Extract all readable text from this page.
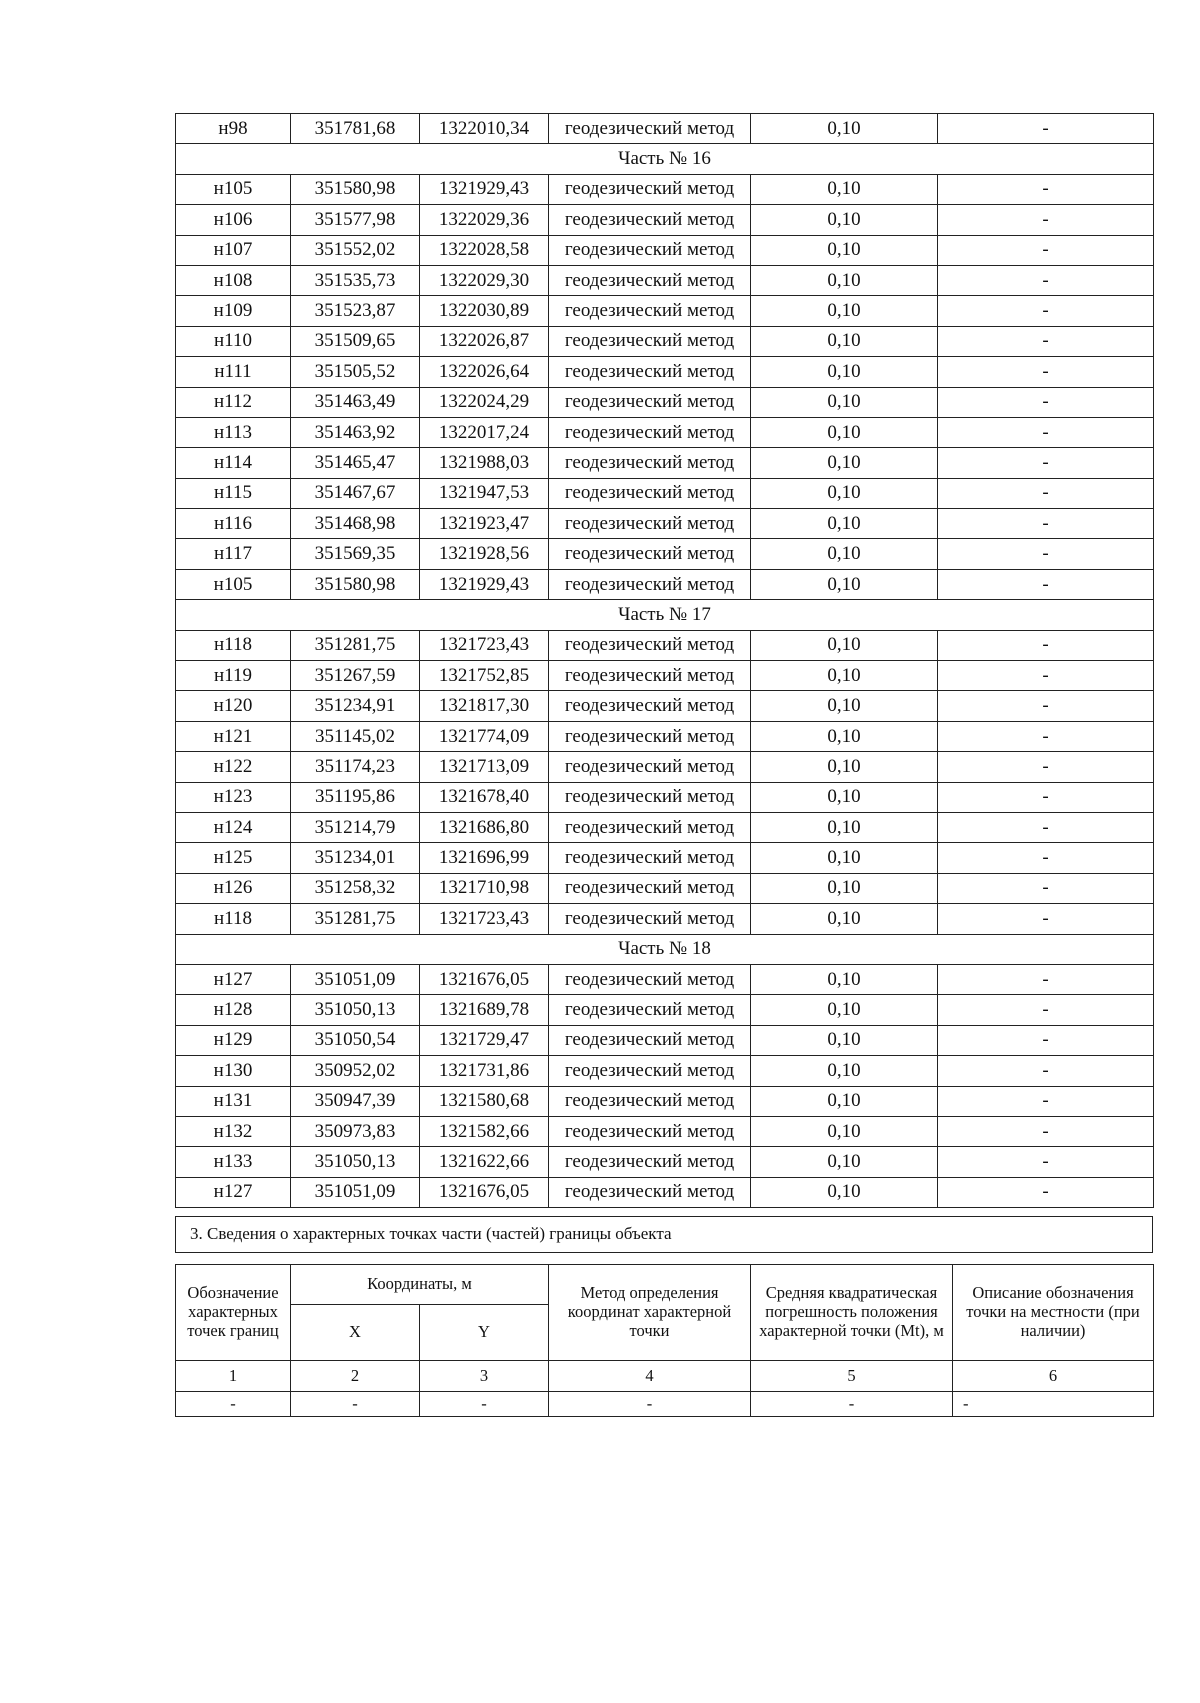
н98	351781,68	1322010,34	геодезический метод	0,10	-
Часть № 16					
н105	351580,98	1321929,43	геодезический метод	0,10	-
н106	351577,98	1322029,36	геодезический метод	0,10	-
н107	351552,02	1322028,58	геодезический метод	0,10	-
н108	351535,73	1322029,30	геодезический метод	0,10	-
н109	351523,87	1322030,89	геодезический метод	0,10	-
н110	351509,65	1322026,87	геодезический метод	0,10	-
н111	351505,52	1322026,64	геодезический метод	0,10	-
н112	351463,49	1322024,29	геодезический метод	0,10	-
н113	351463,92	1322017,24	геодезический метод	0,10	-
н114	351465,47	1321988,03	геодезический метод	0,10	-
н115	351467,67	1321947,53	геодезический метод	0,10	-
н116	351468,98	1321923,47	геодезический метод	0,10	-
н117	351569,35	1321928,56	геодезический метод	0,10	-
н105	351580,98	1321929,43	геодезический метод	0,10	-
Часть № 17					
н118	351281,75	1321723,43	геодезический метод	0,10	-
н119	351267,59	1321752,85	геодезический метод	0,10	-
н120	351234,91	1321817,30	геодезический метод	0,10	-
н121	351145,02	1321774,09	геодезический метод	0,10	-
н122	351174,23	1321713,09	геодезический метод	0,10	-
н123	351195,86	1321678,40	геодезический метод	0,10	-
н124	351214,79	1321686,80	геодезический метод	0,10	-
н125	351234,01	1321696,99	геодезический метод	0,10	-
н126	351258,32	1321710,98	геодезический метод	0,10	-
н118	351281,75	1321723,43	геодезический метод	0,10	-
Часть № 18					
н127	351051,09	1321676,05	геодезический метод	0,10	-
н128	351050,13	1321689,78	геодезический метод	0,10	-
н129	351050,54	1321729,47	геодезический метод	0,10	-
н130	350952,02	1321731,86	геодезический метод	0,10	-
н131	350947,39	1321580,68	геодезический метод	0,10	-
н132	350973,83	1321582,66	геодезический метод	0,10	-
н133	351050,13	1321622,66	геодезический метод	0,10	-
н127	351051,09	1321676,05	геодезический метод	0,10	-
3. Сведения о характерных точках части (частей) границы объекта
Обозначение характерных точек границ	Координаты, м		Метод определения координат характерной точки	Средняя квадратическая погрешность положения характерной точки (Mt), м	Описание обозначения точки на местности (при наличии)
	X	Y			
1	2	3	4	5	6
-	-	-	-	-	-
